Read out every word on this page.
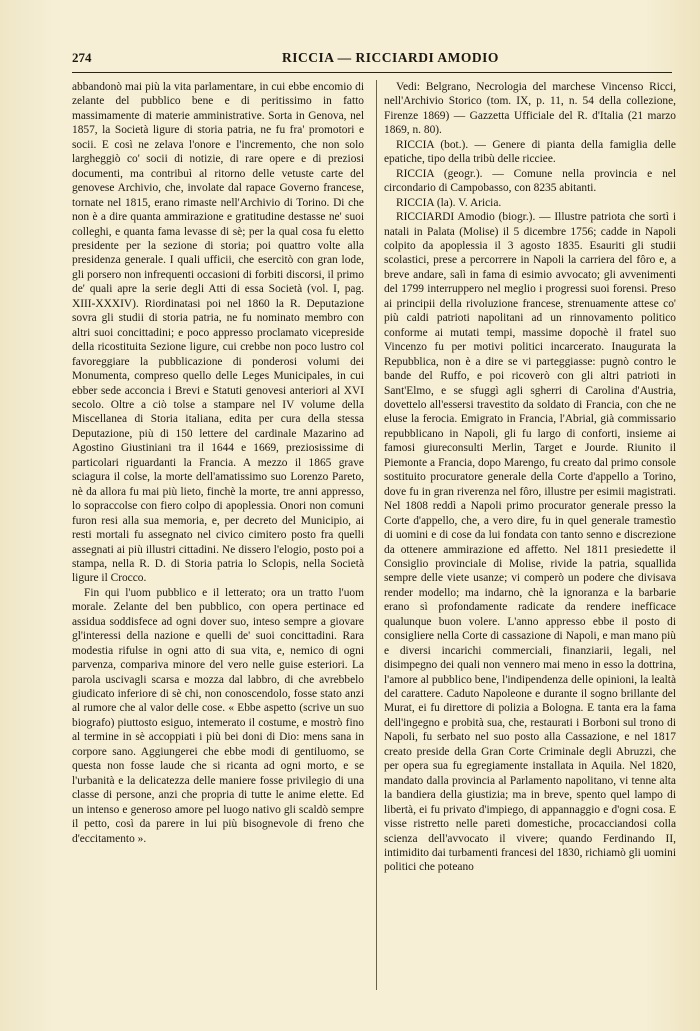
274	RICCIA — RICCIARDI AMODIO

abbandonò mai più la vita parlamentare, in cui ebbe encomio di zelante del pubblico bene e di peritissimo in fatto massimamente di materie amministrative. Sorta in Genova, nel 1857, la Società ligure di storia patria, ne fu fra' promotori e socii. E così ne zelava l'onore e l'incremento, che non solo largheggiò co' socii di notizie, di rare opere e di preziosi documenti, ma contribuì al ritorno delle vetuste carte del genovese Archivio, che, involate dal rapace Governo francese, tornate nel 1815, erano rimaste nell'Archivio di Torino. Di che non è a dire quanta ammirazione e gratitudine destasse ne' suoi colleghi, e quanta fama levasse di sè; per la qual cosa fu eletto presidente per la sezione di storia; poi quattro volte alla presidenza generale. I quali ufficii, che esercitò con gran lode, gli porsero non infrequenti occasioni di forbiti discorsi, il primo de' quali apre la serie degli Atti di essa Società (vol. I, pag. XIII-XXXIV). Riordinatasi poi nel 1860 la R. Deputazione sovra gli studii di storia patria, ne fu nominato membro con altri suoi concittadini; e poco appresso proclamato vicepreside della ricostituita Sezione ligure, cui crebbe non poco lustro col favoreggiare la pubblicazione di ponderosi volumi dei Monumenta, compreso quello delle Leges Municipales, in cui ebber sede acconcia i Brevi e Statuti genovesi anteriori al XVI secolo. Oltre a ciò tolse a stampare nel IV volume della Miscellanea di Storia italiana, edita per cura della stessa Deputazione, più di 150 lettere del cardinale Mazarino ad Agostino Giustiniani tra il 1644 e 1669, preziosissime di particolari riguardanti la Francia. A mezzo il 1865 grave sciagura il colse, la morte dell'amatissimo suo Lorenzo Pareto, nè da allora fu mai più lieto, finchè la morte, tre anni appresso, lo sopraccolse con fiero colpo di apoplessia. Onori non comuni furon resi alla sua memoria, e, per decreto del Municipio, ai resti mortali fu assegnato nel civico cimitero posto fra quelli assegnati ai più illustri cittadini. Ne dissero l'elogio, posto poi a stampa, nella R. D. di Storia patria lo Sclopis, nella Società ligure il Crocco.

Fin qui l'uom pubblico e il letterato; ora un tratto l'uom morale. Zelante del ben pubblico, con opera pertinace ed assidua soddisfece ad ogni dover suo, inteso sempre a giovare gl'interessi della nazione e quelli de' suoi concittadini. Rara modestia rifulse in ogni atto di sua vita, e, nemico di ogni parvenza, compariva minore del vero nelle guise esteriori. La parola uscivagli scarsa e mozza dal labbro, di che avrebbelo giudicato inferiore di sè chi, non conoscendolo, fosse stato anzi al rumore che al valor delle cose. « Ebbe aspetto (scrive un suo biografo) piuttosto esiguo, intemerato il costume, e mostrò fino al termine in sè accoppiati i più bei doni di Dio: mens sana in corpore sano. Aggiungerei che ebbe modi di gentiluomo, se questa non fosse laude che si ricanta ad ogni morto, e se l'urbanità e la delicatezza delle maniere fosse privilegio di una classe di persone, anzi che propria di tutte le anime elette. Ed un intenso e generoso amore pel luogo nativo gli scaldò sempre il petto, così da parere in lui più bisognevole di freno che d'eccitamento ».

Vedi: Belgrano, Necrologia del marchese Vincenso Ricci, nell'Archivio Storico (tom. IX, p. 11, n. 54 della collezione, Firenze 1869) — Gazzetta Ufficiale del R. d'Italia (21 marzo 1869, n. 80).

RICCIA (bot.). — Genere di pianta della famiglia delle epatiche, tipo della tribù delle ricciee.

RICCIA (geogr.). — Comune nella provincia e nel circondario di Campobasso, con 8235 abitanti.

RICCIA (la). V. Aricia.

RICCIARDI Amodio (biogr.). — Illustre patriota che sortì i natali in Palata (Molise) il 5 dicembre 1756; cadde in Napoli colpito da apoplessia il 3 agosto 1835. Esauriti gli studii scolastici, prese a percorrere in Napoli la carriera del fôro e, a breve andare, salì in fama di esimio avvocato; gli avvenimenti del 1799 interruppero nel meglio i progressi suoi forensi. Preso ai principii della rivoluzione francese, strenuamente attese co' più caldi patrioti napolitani ad un rinnovamento politico conforme ai mutati tempi, massime dopochè il fratel suo Vincenzo fu per motivi politici incarcerato. Inaugurata la Repubblica, non è a dire se vi parteggiasse: pugnò contro le bande del Ruffo, e poi ricoverò con gli altri patrioti in Sant'Elmo, e se sfuggì agli sgherri di Carolina d'Austria, dovettelo all'essersi travestito da soldato di Francia, con che ne eluse la ferocia. Emigrato in Francia, l'Abrial, già commissario repubblicano in Napoli, gli fu largo di conforti, insieme ai famosi giureconsulti Merlin, Target e Jourde. Riunito il Piemonte a Francia, dopo Marengo, fu creato dal primo console sostituito procuratore generale della Corte d'appello a Torino, dove fu in gran riverenza nel fôro, illustre per esimii magistrati. Nel 1808 reddì a Napoli primo procurator generale presso la Corte d'appello, che, a vero dire, fu in quel generale tramestìo di uomini e di cose da lui fondata con tanto senno e discrezione da ottenere ammirazione ed affetto. Nel 1811 presiedette il Consiglio provinciale di Molise, rivide la patria, squallida sempre delle viete usanze; vi comperò un podere che divisava render modello; ma indarno, chè la ignoranza e la barbarie erano sì profondamente radicate da rendere inefficace qualunque buon volere. L'anno appresso ebbe il posto di consigliere nella Corte di cassazione di Napoli, e man mano più e diversi incarichi commerciali, finanziarii, legali, nel disimpegno dei quali non vennero mai meno in esso la dottrina, l'amore al pubblico bene, l'indipendenza delle opinioni, la lealtà del carattere. Caduto Napoleone e durante il sogno brillante del Murat, ei fu direttore di polizia a Bologna. E tanta era la fama dell'ingegno e probità sua, che, restaurati i Borboni sul trono di Napoli, fu serbato nel suo posto alla Cassazione, e nel 1817 creato preside della Gran Corte Criminale degli Abruzzi, che per opera sua fu egregiamente installata in Aquila. Nel 1820, mandato dalla provincia al Parlamento napolitano, vi tenne alta la bandiera della giustizia; ma in breve, spento quel lampo di libertà, ei fu privato d'impiego, di appannaggio e d'ogni cosa. E visse ristretto nelle pareti domestiche, procacciandosi colla scienza dell'avvocato il vivere; quando Ferdinando II, intimidito dai turbamenti francesi del 1830, richiamò gli uomini politici che poteano
